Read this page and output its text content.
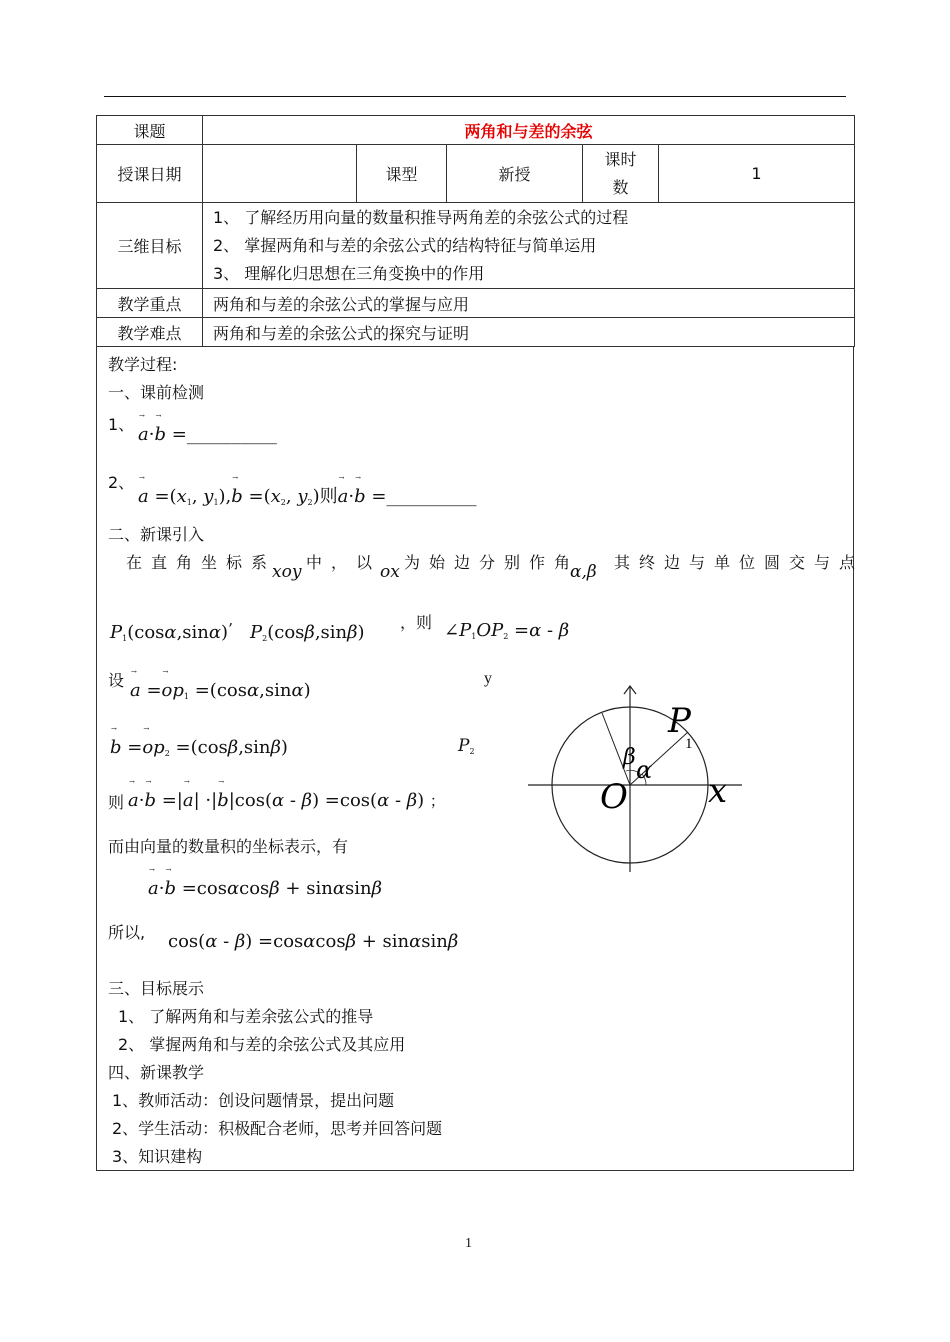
课题	两角和与差的余弦				
授课日期		课型	新授	课时
数	1
三维目标	1、 了解经历用向量的数量积推导两角差的余弦公式的过程
2、 掌握两角和与差的余弦公式的结构特征与简单运用
3、 理解化归思想在三角变换中的作用				

教学重点	两角和与差的余弦公式的掌握与应用				
教学难点	两角和与差的余弦公式的探究与证明				
教学过程:
一、课前检测
1、 → a·→ b =__________
2、
→ $a =(x_1$, $y_1),\to b =(x_2$, $y_2$)则→ a·→ b =__________
二、新课引入
在直角坐标系
xoy 中，以
ox 为始边分别作角
α,β 其终边与单位圆交与点
$P_1(\cos\alpha,\sin\alpha)^’$ $P_2(\cos\beta,\sin\beta)$ ，则 $\angle P_1OP_2 =\alpha - \beta$
设 → $a =\to op_1 =(\cos\alpha,\sin\alpha)$
→ $b =\to op_2 =(\cos\beta,\sin\beta)$
则 → a·→ b =|→ a| ·|→ b|cos(α - β) =cos(α - β) ；
而由向量的数量积的坐标表示，有
→ a·→ b =cosαcosβ + sinαsinβ
所以, cos(α - β) =cosαcosβ + sinαsinβ
三、目标展示
1、 了解两角和与差余弦公式的推导
2、 掌握两角和与差的余弦公式及其应用
四、新课教学
1、教师活动：创设问题情景，提出问题
2、学生活动：积极配合老师，思考并回答问题
3、知识建构
y
$P_2$
P
1
β α
O x
1
